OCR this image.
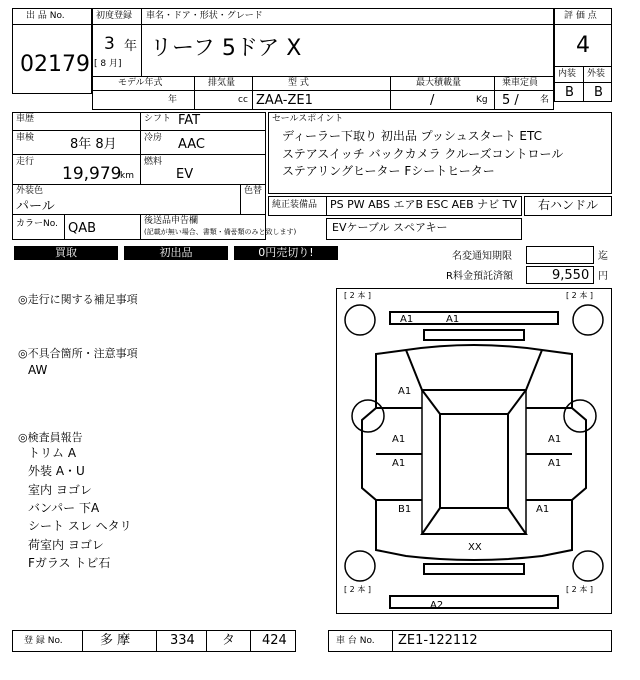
出 品 No.
02179
初度登録
3 年
[ 8 月]
車名・ドア・形状・グレード
リーフ 5ドア X
評 価 点
4
内装 外装
B B
モデル年式
年
排気量
cc
型 式
ZAA-ZE1
最大積載量
/	Kg
乗車定員
5 / 名
車歴
車検	8年 8月
走行
19,979
km
シフト FAT
冷房 AAC
燃料
EV
外装色
パール
色替
カラーNo. QAB	後送品申告欄
(記載が無い場合、書類・備품類のみと致します)
セールスポイント
ディーラー下取り 初出品 プッシュスタート ETC
ステアスイッチ バックカメラ クルーズコントロール
ステアリングヒーター Fシートヒーター
純正装備品 PS PW ABS エアB ESC AEB ナビ TV 右ハンドル
EVケーブル スペアキー
買取	初出品	0円売切り!	名変通知期限	迄
R料金預託済額	9,550 円
◎走行に関する補足事項
◎不具合箇所・注意事項
AW
◎検査員報告
トリム A
外装 A・U
室内 ヨゴレ
バンパー 下A
シート スレ ヘタリ
荷室内 ヨゴレ
Fガラス トビ石
[ 2 本 ]	[ 2 本 ]
[ 2 本 ]	[ 2 本 ]
A1	A1
A1
A1	A1
A1	A1
B1	A1
XX
A2
登 録 No.	多 摩	334 タ 424	車 台 No. ZE1-122112
